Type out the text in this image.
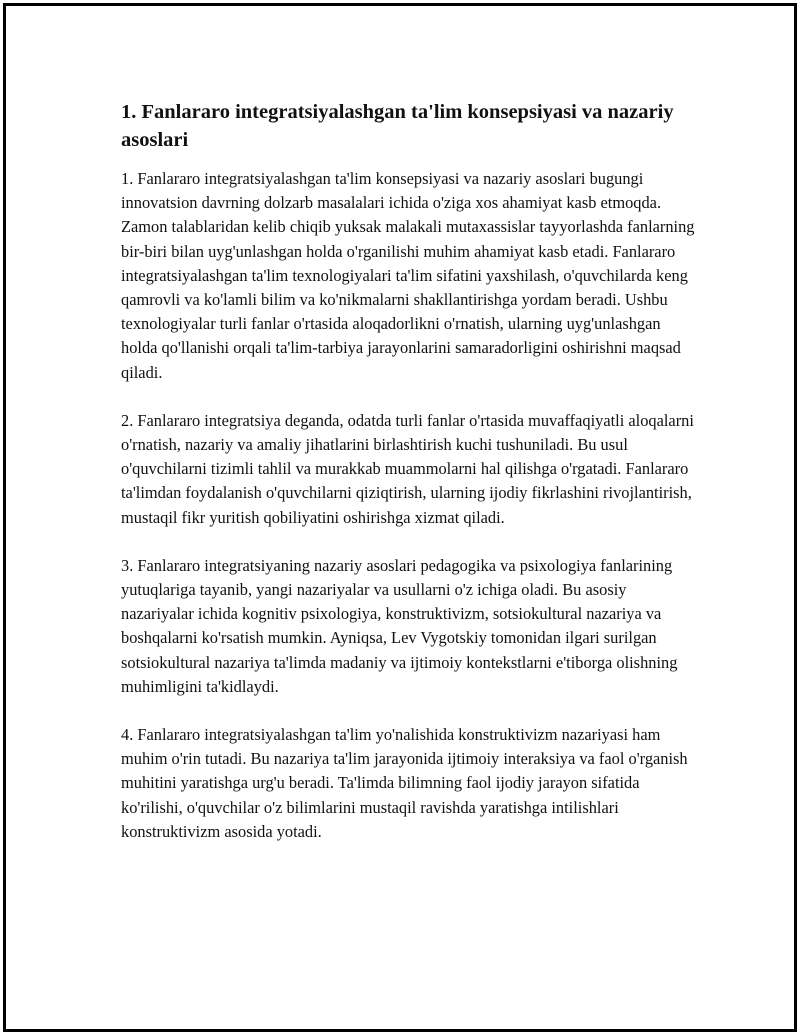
1. Fanlararo integratsiyalashgan ta'lim konsepsiyasi va nazariy asoslari

1. Fanlararo integratsiyalashgan ta'lim konsepsiyasi va nazariy asoslari bugungi innovatsion davrning dolzarb masalalari ichida o'ziga xos ahamiyat kasb etmoqda. Zamon talablaridan kelib chiqib yuksak malakali mutaxassislar tayyorlashda fanlarning bir-biri bilan uyg'unlashgan holda o'rganilishi muhim ahamiyat kasb etadi. Fanlararo integratsiyalashgan ta'lim texnologiyalari ta'lim sifatini yaxshilash, o'quvchilarda keng qamrovli va ko'lamli bilim va ko'nikmalarni shakllantirishga yordam beradi. Ushbu texnologiyalar turli fanlar o'rtasida aloqadorlikni o'rnatish, ularning uyg'unlashgan holda qo'llanishi orqali ta'lim-tarbiya jarayonlarini samaradorligini oshirishni maqsad qiladi.

2. Fanlararo integratsiya deganda, odatda turli fanlar o'rtasida muvaffaqiyatli aloqalarni o'rnatish, nazariy va amaliy jihatlarini birlashtirish kuchi tushuniladi. Bu usul o'quvchilarni tizimli tahlil va murakkab muammolarni hal qilishga o'rgatadi. Fanlararo ta'limdan foydalanish o'quvchilarni qiziqtirish, ularning ijodiy fikrlashini rivojlantirish, mustaqil fikr yuritish qobiliyatini oshirishga xizmat qiladi.

3. Fanlararo integratsiyaning nazariy asoslari pedagogika va psixologiya fanlarining yutuqlariga tayanib, yangi nazariyalar va usullarni o'z ichiga oladi. Bu asosiy nazariyalar ichida kognitiv psixologiya, konstruktivizm, sotsiokultural nazariya va boshqalarni ko'rsatish mumkin. Ayniqsa, Lev Vygotskiy tomonidan ilgari surilgan sotsiokultural nazariya ta'limda madaniy va ijtimoiy kontekstlarni e'tiborga olishning muhimligini ta'kidlaydi.

4. Fanlararo integratsiyalashgan ta'lim yo'nalishida konstruktivizm nazariyasi ham muhim o'rin tutadi. Bu nazariya ta'lim jarayonida ijtimoiy interaksiya va faol o'rganish muhitini yaratishga urg'u beradi. Ta'limda bilimning faol ijodiy jarayon sifatida ko'rilishi, o'quvchilar o'z bilimlarini mustaqil ravishda yaratishga intilishlari konstruktivizm asosida yotadi.
